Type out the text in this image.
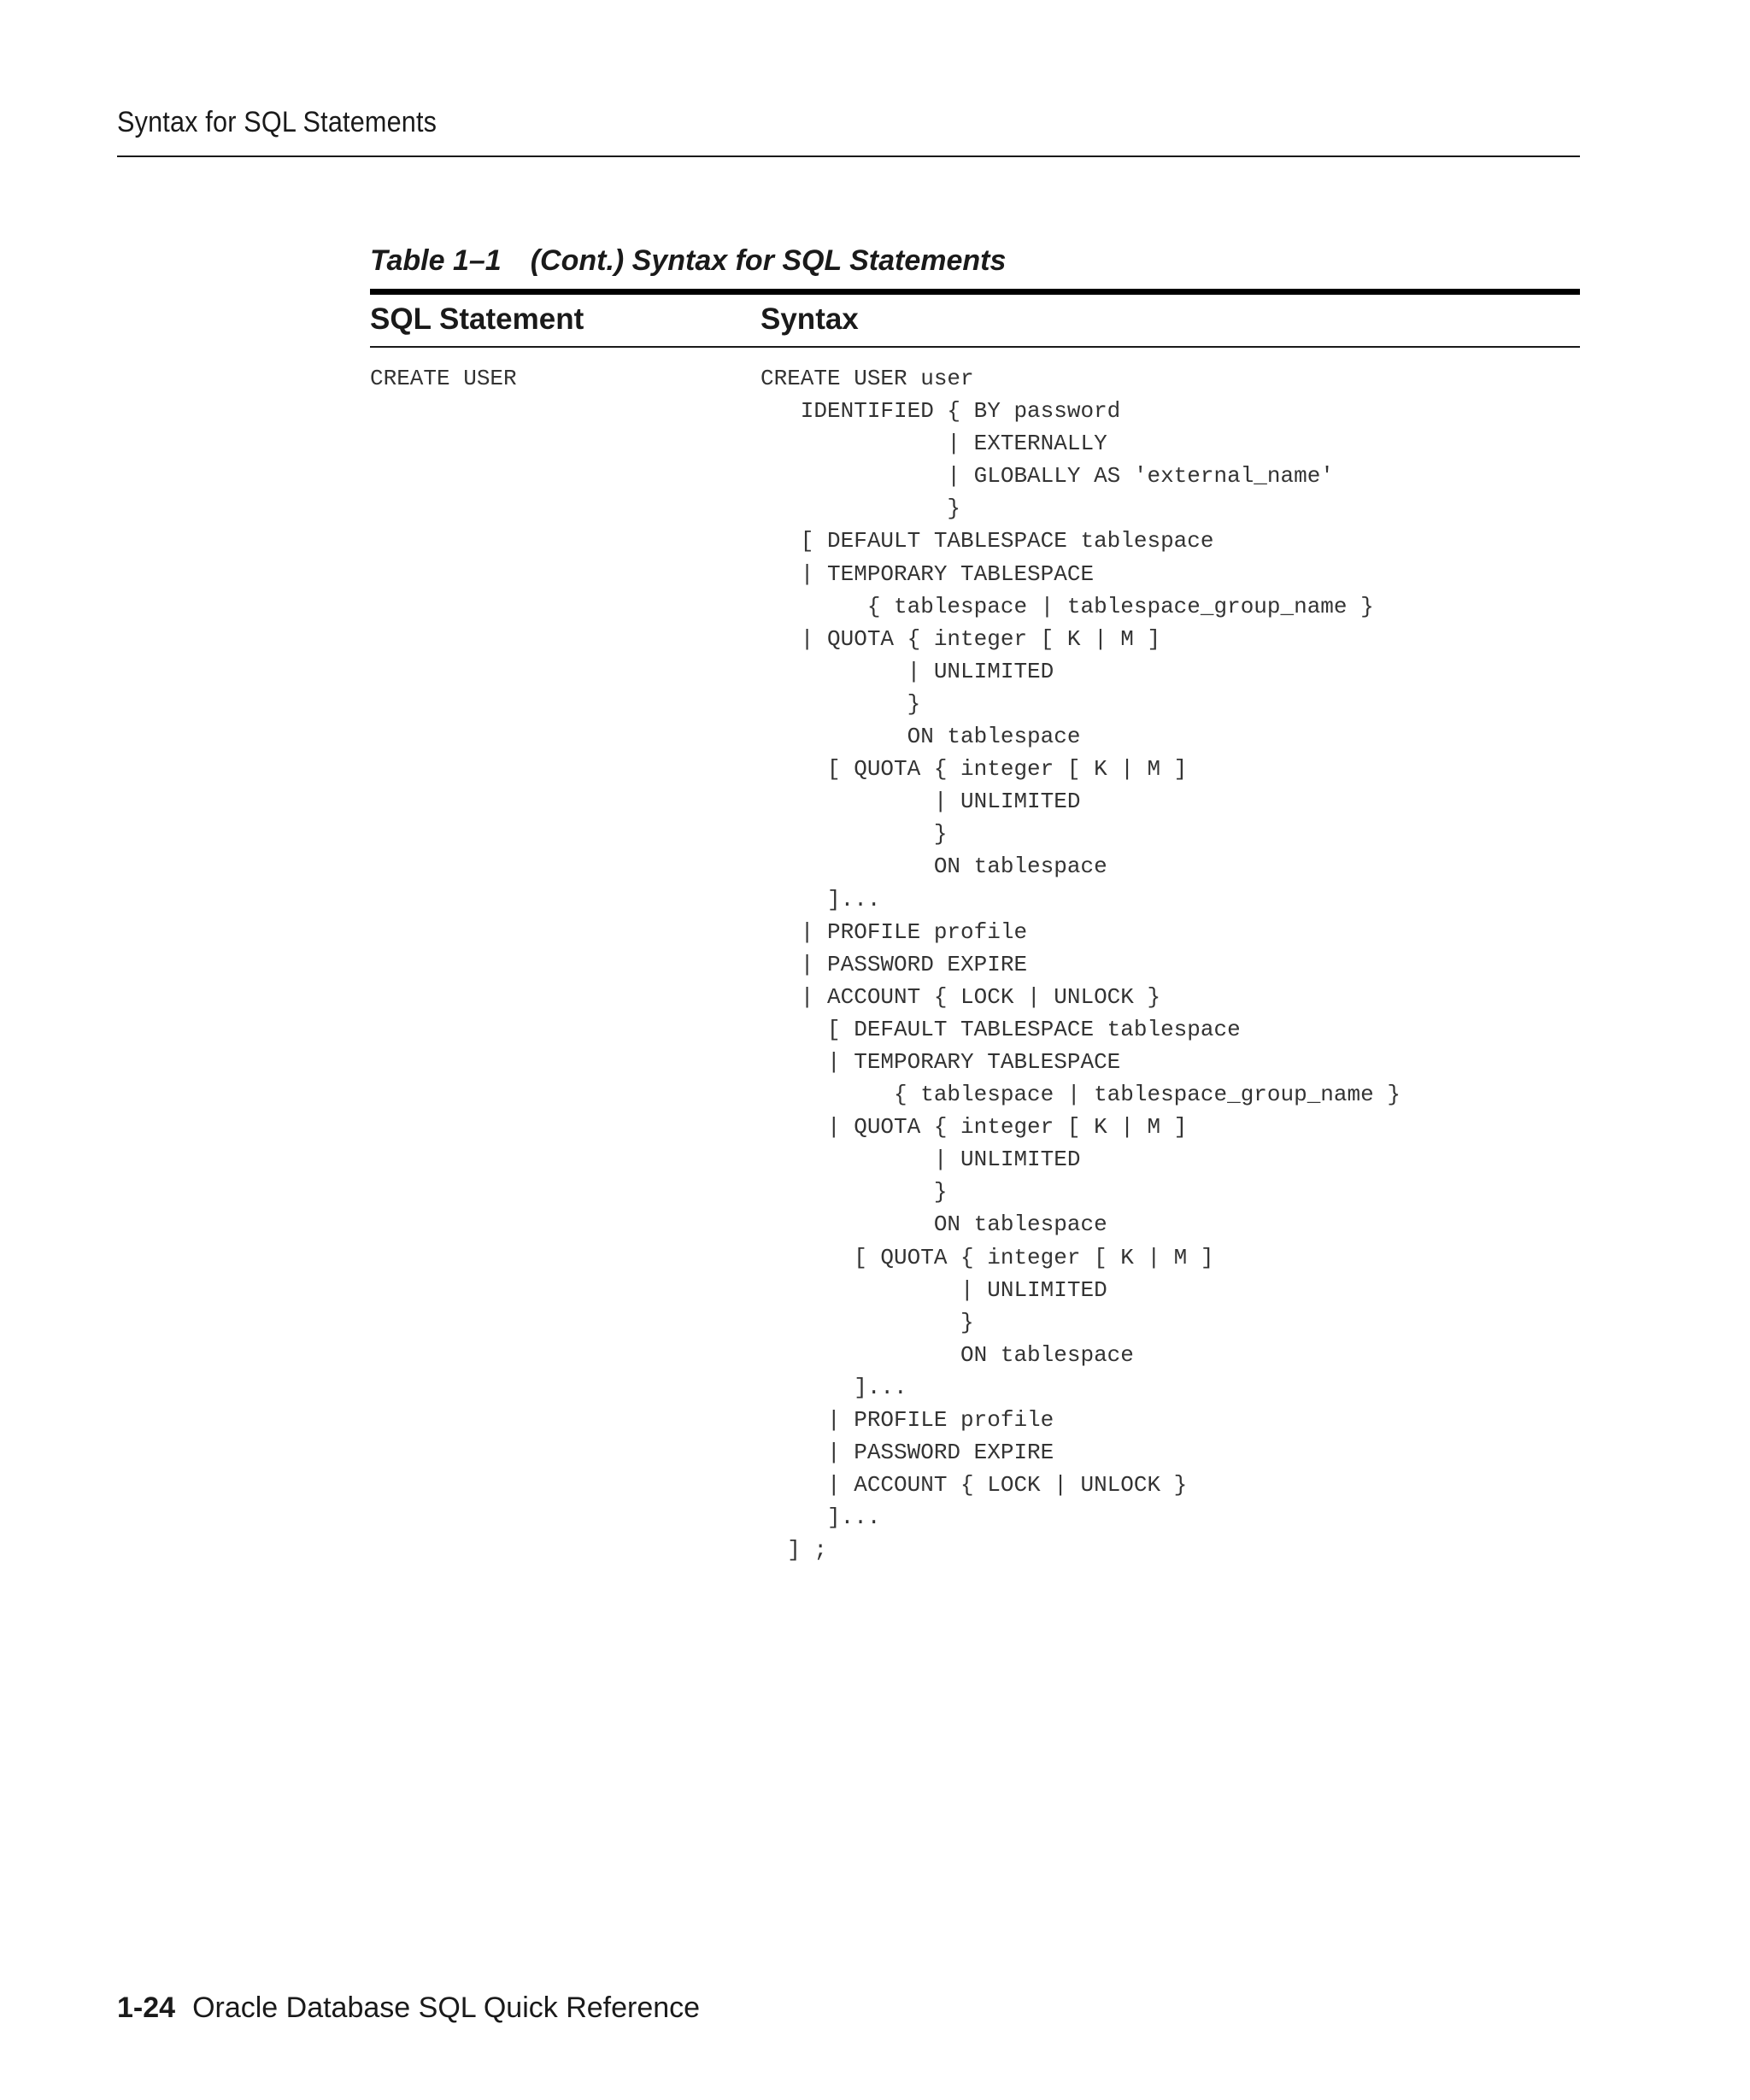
Syntax for SQL Statements
Table 1–1 (Cont.) Syntax for SQL Statements
SQL Statement	Syntax
CREATE USER	CREATE USER user
IDENTIFIED { BY password
| EXTERNALLY
| GLOBALLY AS 'external_name'
}
[ DEFAULT TABLESPACE tablespace
| TEMPORARY TABLESPACE
{ tablespace | tablespace_group_name }
| QUOTA { integer [ K | M ]
| UNLIMITED
}
ON tablespace
[ QUOTA { integer [ K | M ]
| UNLIMITED
}
ON tablespace
]...
| PROFILE profile
| PASSWORD EXPIRE
| ACCOUNT { LOCK | UNLOCK }
[ DEFAULT TABLESPACE tablespace
| TEMPORARY TABLESPACE
{ tablespace | tablespace_group_name }
| QUOTA { integer [ K | M ]
| UNLIMITED
}
ON tablespace
[ QUOTA { integer [ K | M ]
| UNLIMITED
}
ON tablespace
]...
| PROFILE profile
| PASSWORD EXPIRE
| ACCOUNT { LOCK | UNLOCK }
]...
] ;
1-24 Oracle Database SQL Quick Reference
